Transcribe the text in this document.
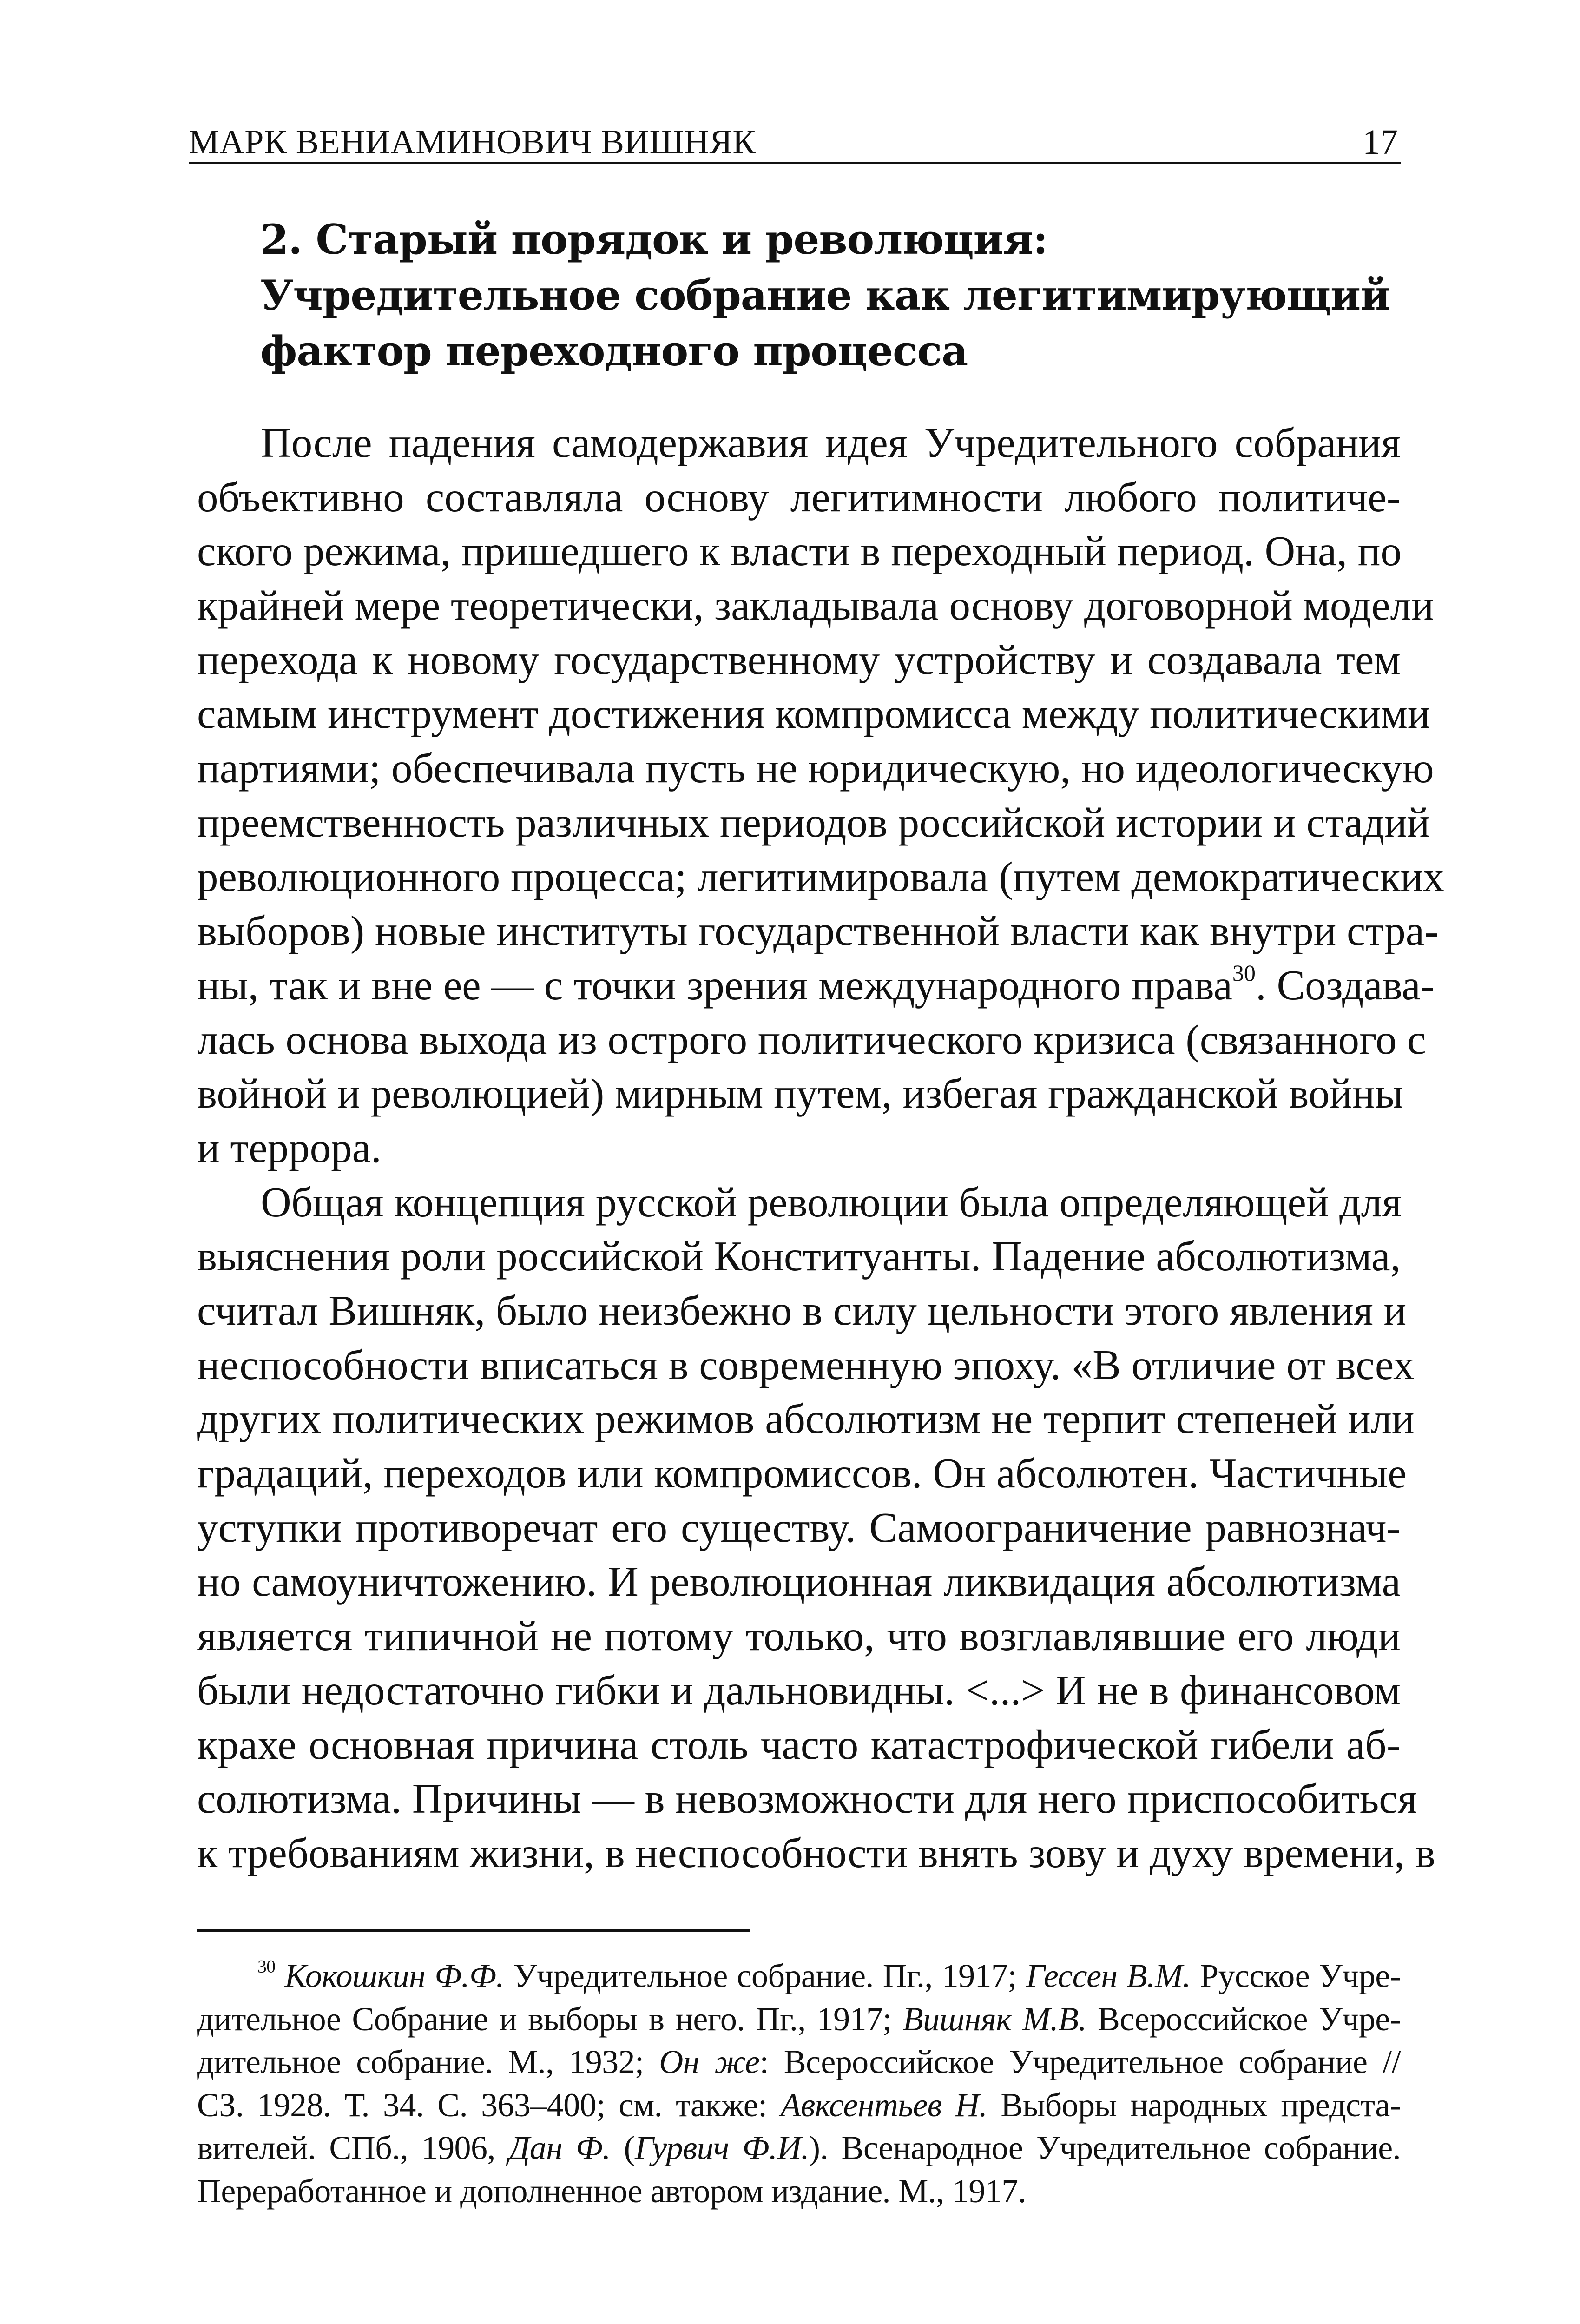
МАРК ВЕНИАМИНОВИЧ ВИШНЯК	17
2. Старый порядок и революция:
Учредительное собрание как легитимирующий
фактор переходного процесса
После падения самодержавия идея Учредительного собрания
объективно составляла основу легитимности любого политиче-
ского режима, пришедшего к власти в переходный период. Она, по
крайней мере теоретически, закладывала основу договорной модели
перехода к новому государственному устройству и создавала тем
самым инструмент достижения компромисса между политическими
партиями; обеспечивала пусть не юридическую, но идеологическую
преемственность различных периодов российской истории и стадий
революционного процесса; легитимировала (путем демократических
выборов) новые институты государственной власти как внутри стра-
ны, так и вне ее — с точки зрения международного права$^{30}$. Создава-
лась основа выхода из острого политического кризиса (связанного с
войной и революцией) мирным путем, избегая гражданской войны
и террора.
Общая концепция русской революции была определяющей для
выяснения роли российской Конституанты. Падение абсолютизма,
считал Вишняк, было неизбежно в силу цельности этого явления и
неспособности вписаться в современную эпоху. «В отличие от всех
других политических режимов абсолютизм не терпит степеней или
градаций, переходов или компромиссов. Он абсолютен. Частичные
уступки противоречат его существу. Самоограничение равнознач-
но самоуничтожению. И революционная ликвидация абсолютизма
является типичной не потому только, что возглавлявшие его люди
были недостаточно гибки и дальновидны. <...> И не в финансовом
крахе основная причина столь часто катастрофической гибели аб-
солютизма. Причины — в невозможности для него приспособиться
к требованиям жизни, в неспособности внять зову и духу времени, в
$^{30}$ Кокошкин Ф.Ф. Учредительное собрание. Пг., 1917; Гессен В.М. Русское Учре-
дительное Собрание и выборы в него. Пг., 1917; Вишняк М.В. Всероссийское Учре-
дительное собрание. М., 1932; Он же: Всероссийское Учредительное собрание //
СЗ. 1928. Т. 34. С. 363–400; см. также: Авксентьев Н. Выборы народных предста-
вителей. СПб., 1906, Дан Ф. (Гурвич Ф.И.). Всенародное Учредительное собрание.
Переработанное и дополненное автором издание. М., 1917.
